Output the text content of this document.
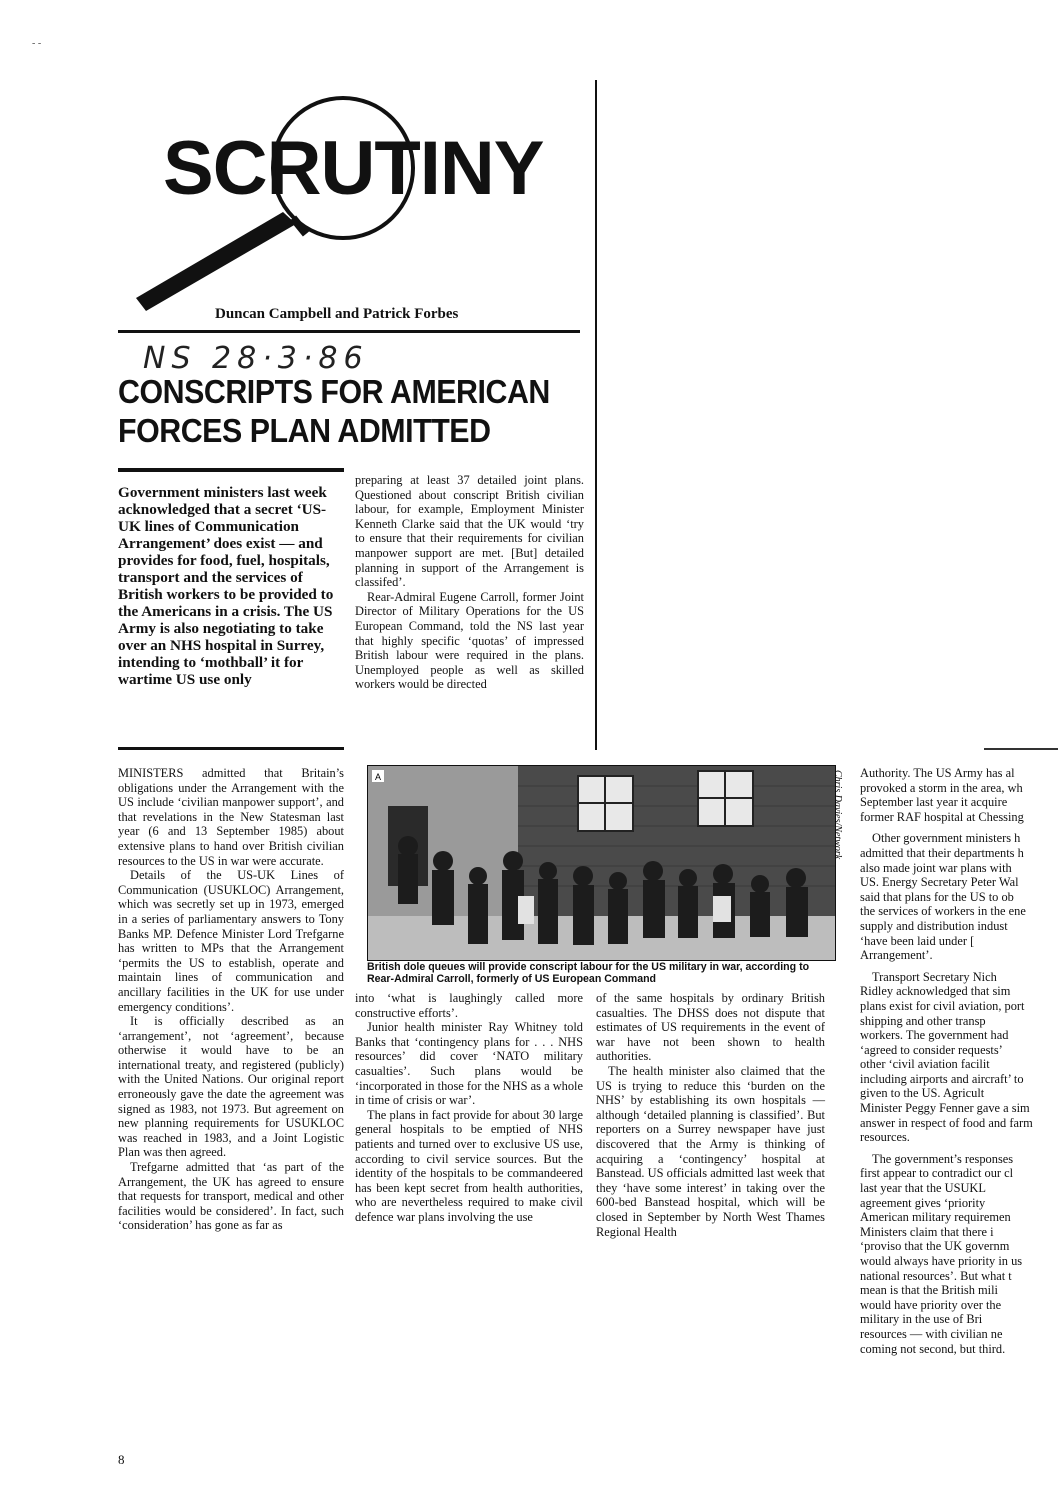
SCRUTINY
- -
Duncan Campbell and Patrick Forbes
NS 28·3·86
CONSCRIPTS FOR AMERICAN
FORCES PLAN ADMITTED
Government ministers last week acknowledged that a secret ‘US-UK lines of Communication Arrangement’ does exist — and provides for food, fuel, hospitals, transport and the services of British workers to be provided to the Americans in a crisis. The US Army is also negotiating to take over an NHS hospital in Surrey, intending to ‘mothball’ it for wartime US use only

MINISTERS admitted that Britain’s obligations under the Arrangement with the US include ‘civilian manpower support’, and that revelations in the New Statesman last year (6 and 13 September 1985) about extensive plans to hand over British civilian resources to the US in war were accurate.

Details of the US-UK Lines of Communication (USUKLOC) Arrangement, which was secretly set up in 1973, emerged in a series of parliamentary answers to Tony Banks MP. Defence Minister Lord Trefgarne has written to MPs that the Arrangement ‘permits the US to establish, operate and maintain lines of communication and ancillary facilities in the UK for use under emergency conditions’.

It is officially described as an ‘arrangement’, not ‘agreement’, because otherwise it would have to be an international treaty, and registered (publicly) with the United Nations. Our original report erroneously gave the date the agreement was signed as 1983, not 1973. But agreement on new planning requirements for USUKLOC was reached in 1983, and a Joint Logistic Plan was then agreed.

Trefgarne admitted that ‘as part of the Arrangement, the UK has agreed to ensure that requests for transport, medical and other facilities would be considered’. In fact, such ‘consideration’ has gone as far as

preparing at least 37 detailed joint plans. Questioned about conscript British civilian labour, for example, Employment Minister Kenneth Clarke said that the UK would ‘try to ensure that their requirements for civilian manpower support are met. [But] detailed planning in support of the Arrangement is classifed’.

Rear-Admiral Eugene Carroll, former Joint Director of Military Operations for the US European Command, told the NS last year that highly specific ‘quotas’ of impressed British labour were required in the plans. Unemployed people as well as skilled workers would be directed

A	Chris Davies/Network
British dole queues will provide conscript labour for the US military in war, according to Rear-Admiral Carroll, formerly of US European Command

into ‘what is laughingly called more constructive efforts’.

Junior health minister Ray Whitney told Banks that ‘contingency plans for . . . NHS resources’ did cover ‘NATO military casualties’. Such plans would be ‘incorporated in those for the NHS as a whole in time of crisis or war’.

The plans in fact provide for about 30 large general hospitals to be emptied of NHS patients and turned over to exclusive US use, according to civil service sources. But the identity of the hospitals to be commandeered has been kept secret from health authorities, who are nevertheless required to make civil defence war plans involving the use

of the same hospitals by ordinary British casualties. The DHSS does not dispute that estimates of US requirements in the event of war have not been shown to health authorities.

The health minister also claimed that the US is trying to reduce this ‘burden on the NHS’ by establishing its own hospitals — although ‘detailed planning is classified’. But reporters on a Surrey newspaper have just discovered that the Army is thinking of acquiring a ‘contingency’ hospital at Banstead. US officials admitted last week that they ‘have some interest’ in taking over the 600-bed Banstead hospital, which will be closed in September by North West Thames Regional Health

Authority. The US Army has al

provoked a storm in the area, wh

September last year it acquire

former RAF hospital at Chessing

Other government ministers h

admitted that their departments h

also made joint war plans with

US. Energy Secretary Peter Wal

said that plans for the US to ob

the services of workers in the ene

supply and distribution indust

‘have been laid under [

Arrangement’.

Transport Secretary Nich

Ridley acknowledged that sim

plans exist for civil aviation, port

shipping and other transp

workers. The government had

‘agreed to consider requests’

other ‘civil aviation facilit

including airports and aircraft’ to

given to the US. Agricult

Minister Peggy Fenner gave a sim

answer in respect of food and farm

resources.

The government’s responses

first appear to contradict our cl

last year that the USUKL

agreement gives ‘priority

American military requiremen

Ministers claim that there i

‘proviso that the UK governm

would always have priority in us

national resources’. But what t

mean is that the British mili

would have priority over the

military in the use of Bri

resources — with civilian ne

coming not second, but third.

8
